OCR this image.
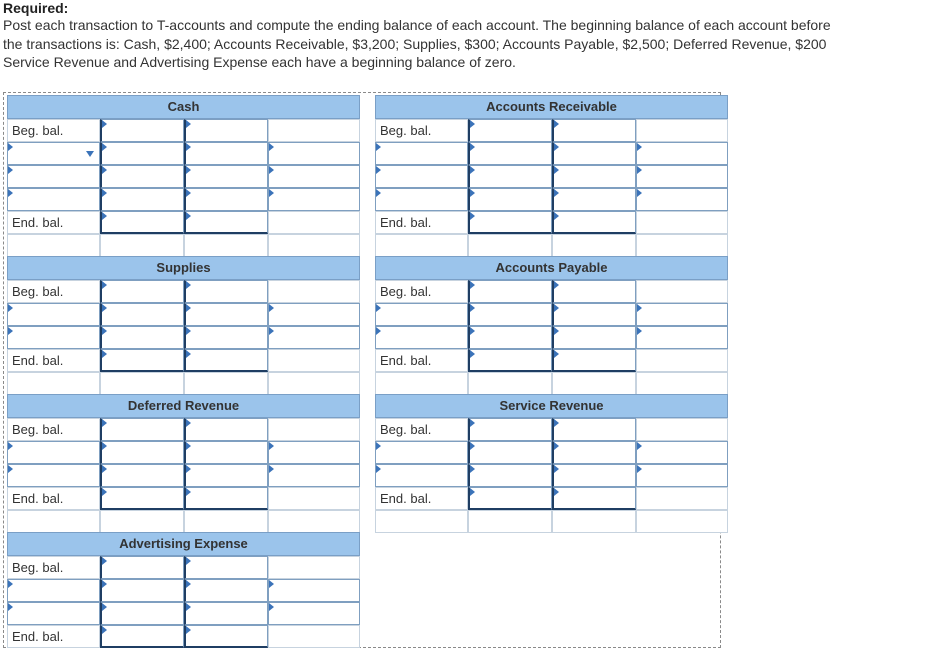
Required:

Post each transaction to T-accounts and compute the ending balance of each account. The beginning balance of each account before

the transactions is: Cash, $2,400; Accounts Receivable, $3,200; Supplies, $300; Accounts Payable, $2,500; Deferred Revenue, $200

Service Revenue and Advertising Expense each have a beginning balance of zero.

Cash
Beg. bal.
End. bal.
Accounts Receivable
Beg. bal.
End. bal.
Supplies
Beg. bal.
End. bal.
Accounts Payable
Beg. bal.
End. bal.
Deferred Revenue
Beg. bal.
End. bal.
Service Revenue
Beg. bal.
End. bal.
Advertising Expense
Beg. bal.
End. bal.
